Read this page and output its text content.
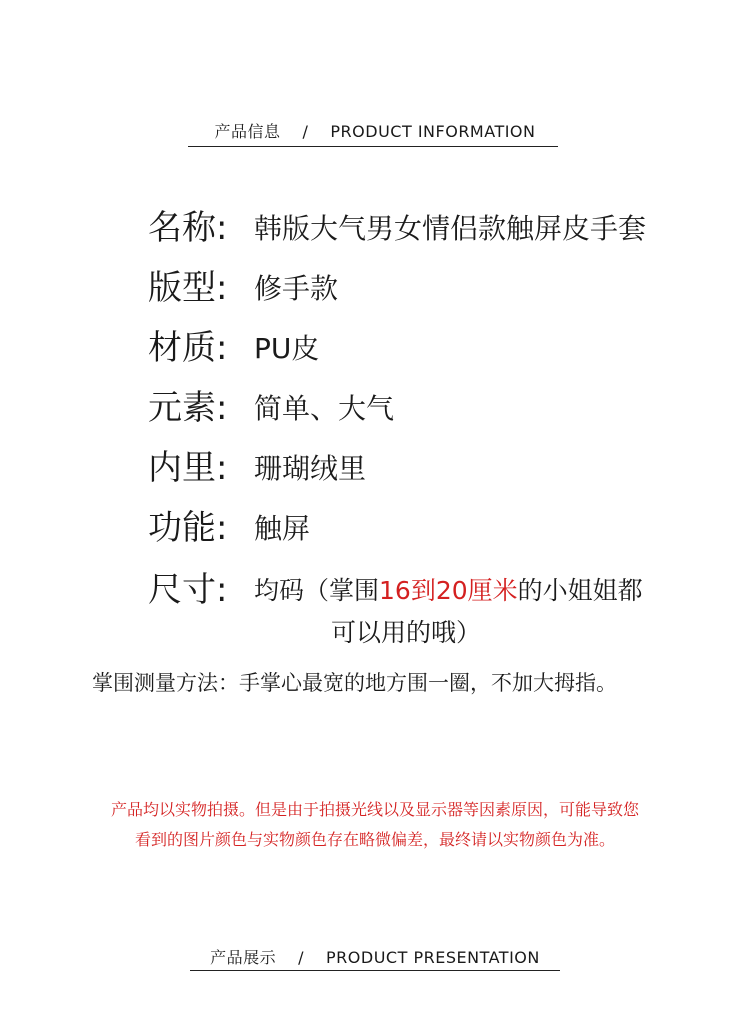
产品信息 / PRODUCT INFORMATION
名称: 韩版大气男女情侣款触屏皮手套
版型: 修手款
材质: PU皮
元素: 简单、大气
内里: 珊瑚绒里
功能: 触屏
尺寸: 均码（掌围16到20厘米的小姐姐都
可以用的哦）
掌围测量方法：手掌心最宽的地方围一圈，不加大拇指。
产品均以实物拍摄。但是由于拍摄光线以及显示器等因素原因，可能导致您
看到的图片颜色与实物颜色存在略微偏差，最终请以实物颜色为准。
产品展示 / PRODUCT PRESENTATION
